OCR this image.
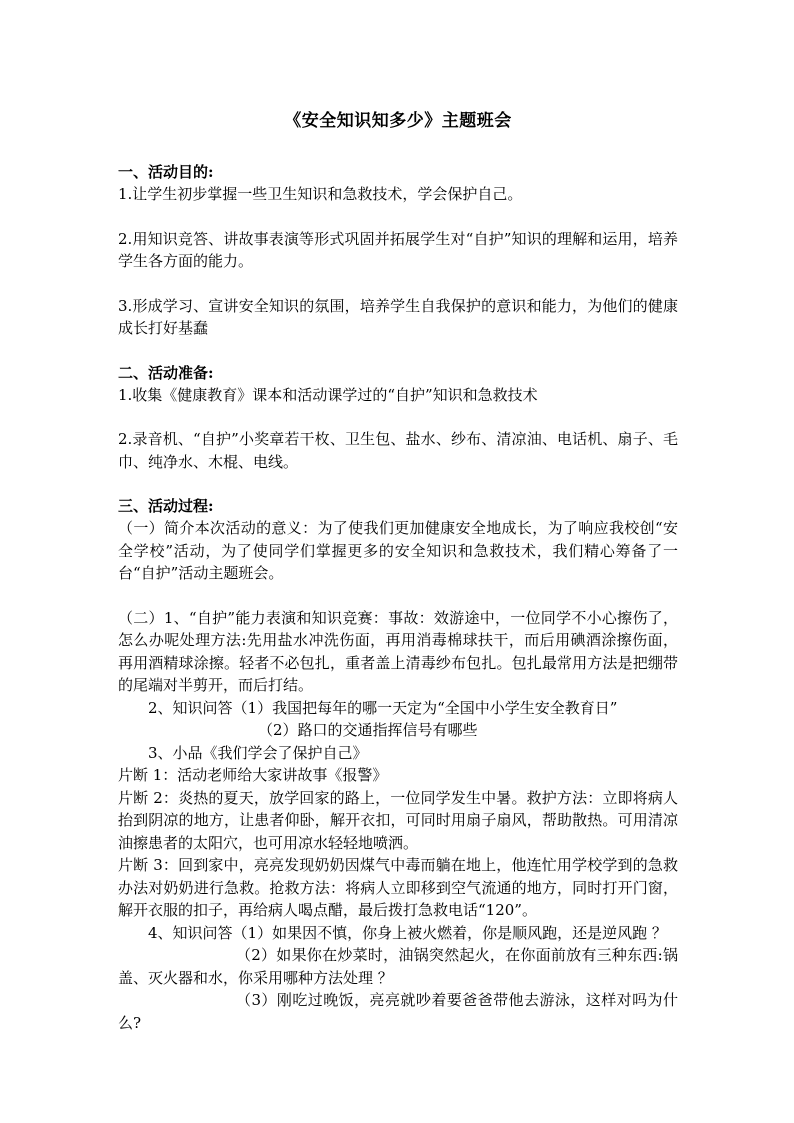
《安全知识知多少》主题班会

一、活动目的:

1.让学生初步掌握一些卫生知识和急救技术，学会保护自己。

2.用知识竞答、讲故事表演等形式巩固并拓展学生对“自护”知识的理解和运用，培养学生各方面的能力。

3.形成学习、宣讲安全知识的氛围，培养学生自我保护的意识和能力，为他们的健康成长打好基蠢

二、活动准备:

1.收集《健康教育》课本和活动课学过的“自护”知识和急救技术

2.录音机、“自护”小奖章若干枚、卫生包、盐水、纱布、清凉油、电话机、扇子、毛巾、纯净水、木棍、电线。

三、活动过程:

（一）简介本次活动的意义：为了使我们更加健康安全地成长，为了响应我校创“安全学校”活动，为了使同学们掌握更多的安全知识和急救技术，我们精心筹备了一台“自护”活动主题班会。

（二）1、“自护”能力表演和知识竞赛：事故：效游途中，一位同学不小心擦伤了，怎么办呢处理方法:先用盐水冲洗伤面，再用消毒棉球扶干，而后用碘酒涂擦伤面，再用酒精球涂擦。轻者不必包扎，重者盖上清毒纱布包扎。包扎最常用方法是把绷带的尾端对半剪开，而后打结。

2、知识问答（1）我国把每年的哪一天定为“全国中小学生安全教育日”

（2）路口的交通指挥信号有哪些

3、小品《我们学会了保护自己》

片断 1：活动老师给大家讲故事《报警》

片断 2：炎热的夏天，放学回家的路上，一位同学发生中暑。救护方法：立即将病人抬到阴凉的地方，让患者仰卧，解开衣扣，可同时用扇子扇风，帮助散热。可用清凉油擦患者的太阳穴，也可用凉水轻轻地喷洒。

片断 3：回到家中，亮亮发现奶奶因煤气中毒而躺在地上，他连忙用学校学到的急救办法对奶奶进行急救。抢救方法：将病人立即移到空气流通的地方，同时打开门窗，解开衣服的扣子，再给病人喝点醋，最后拨打急救电话“120”。

4、知识问答（1）如果因不慎，你身上被火燃着，你是顺风跑，还是逆风跑 ？

（2）如果你在炒菜时，油锅突然起火，在你面前放有三种东西:锅盖、灭火器和水，你采用哪种方法处理 ？

（3）刚吃过晚饭，亮亮就吵着要爸爸带他去游泳，这样对吗为什么?
